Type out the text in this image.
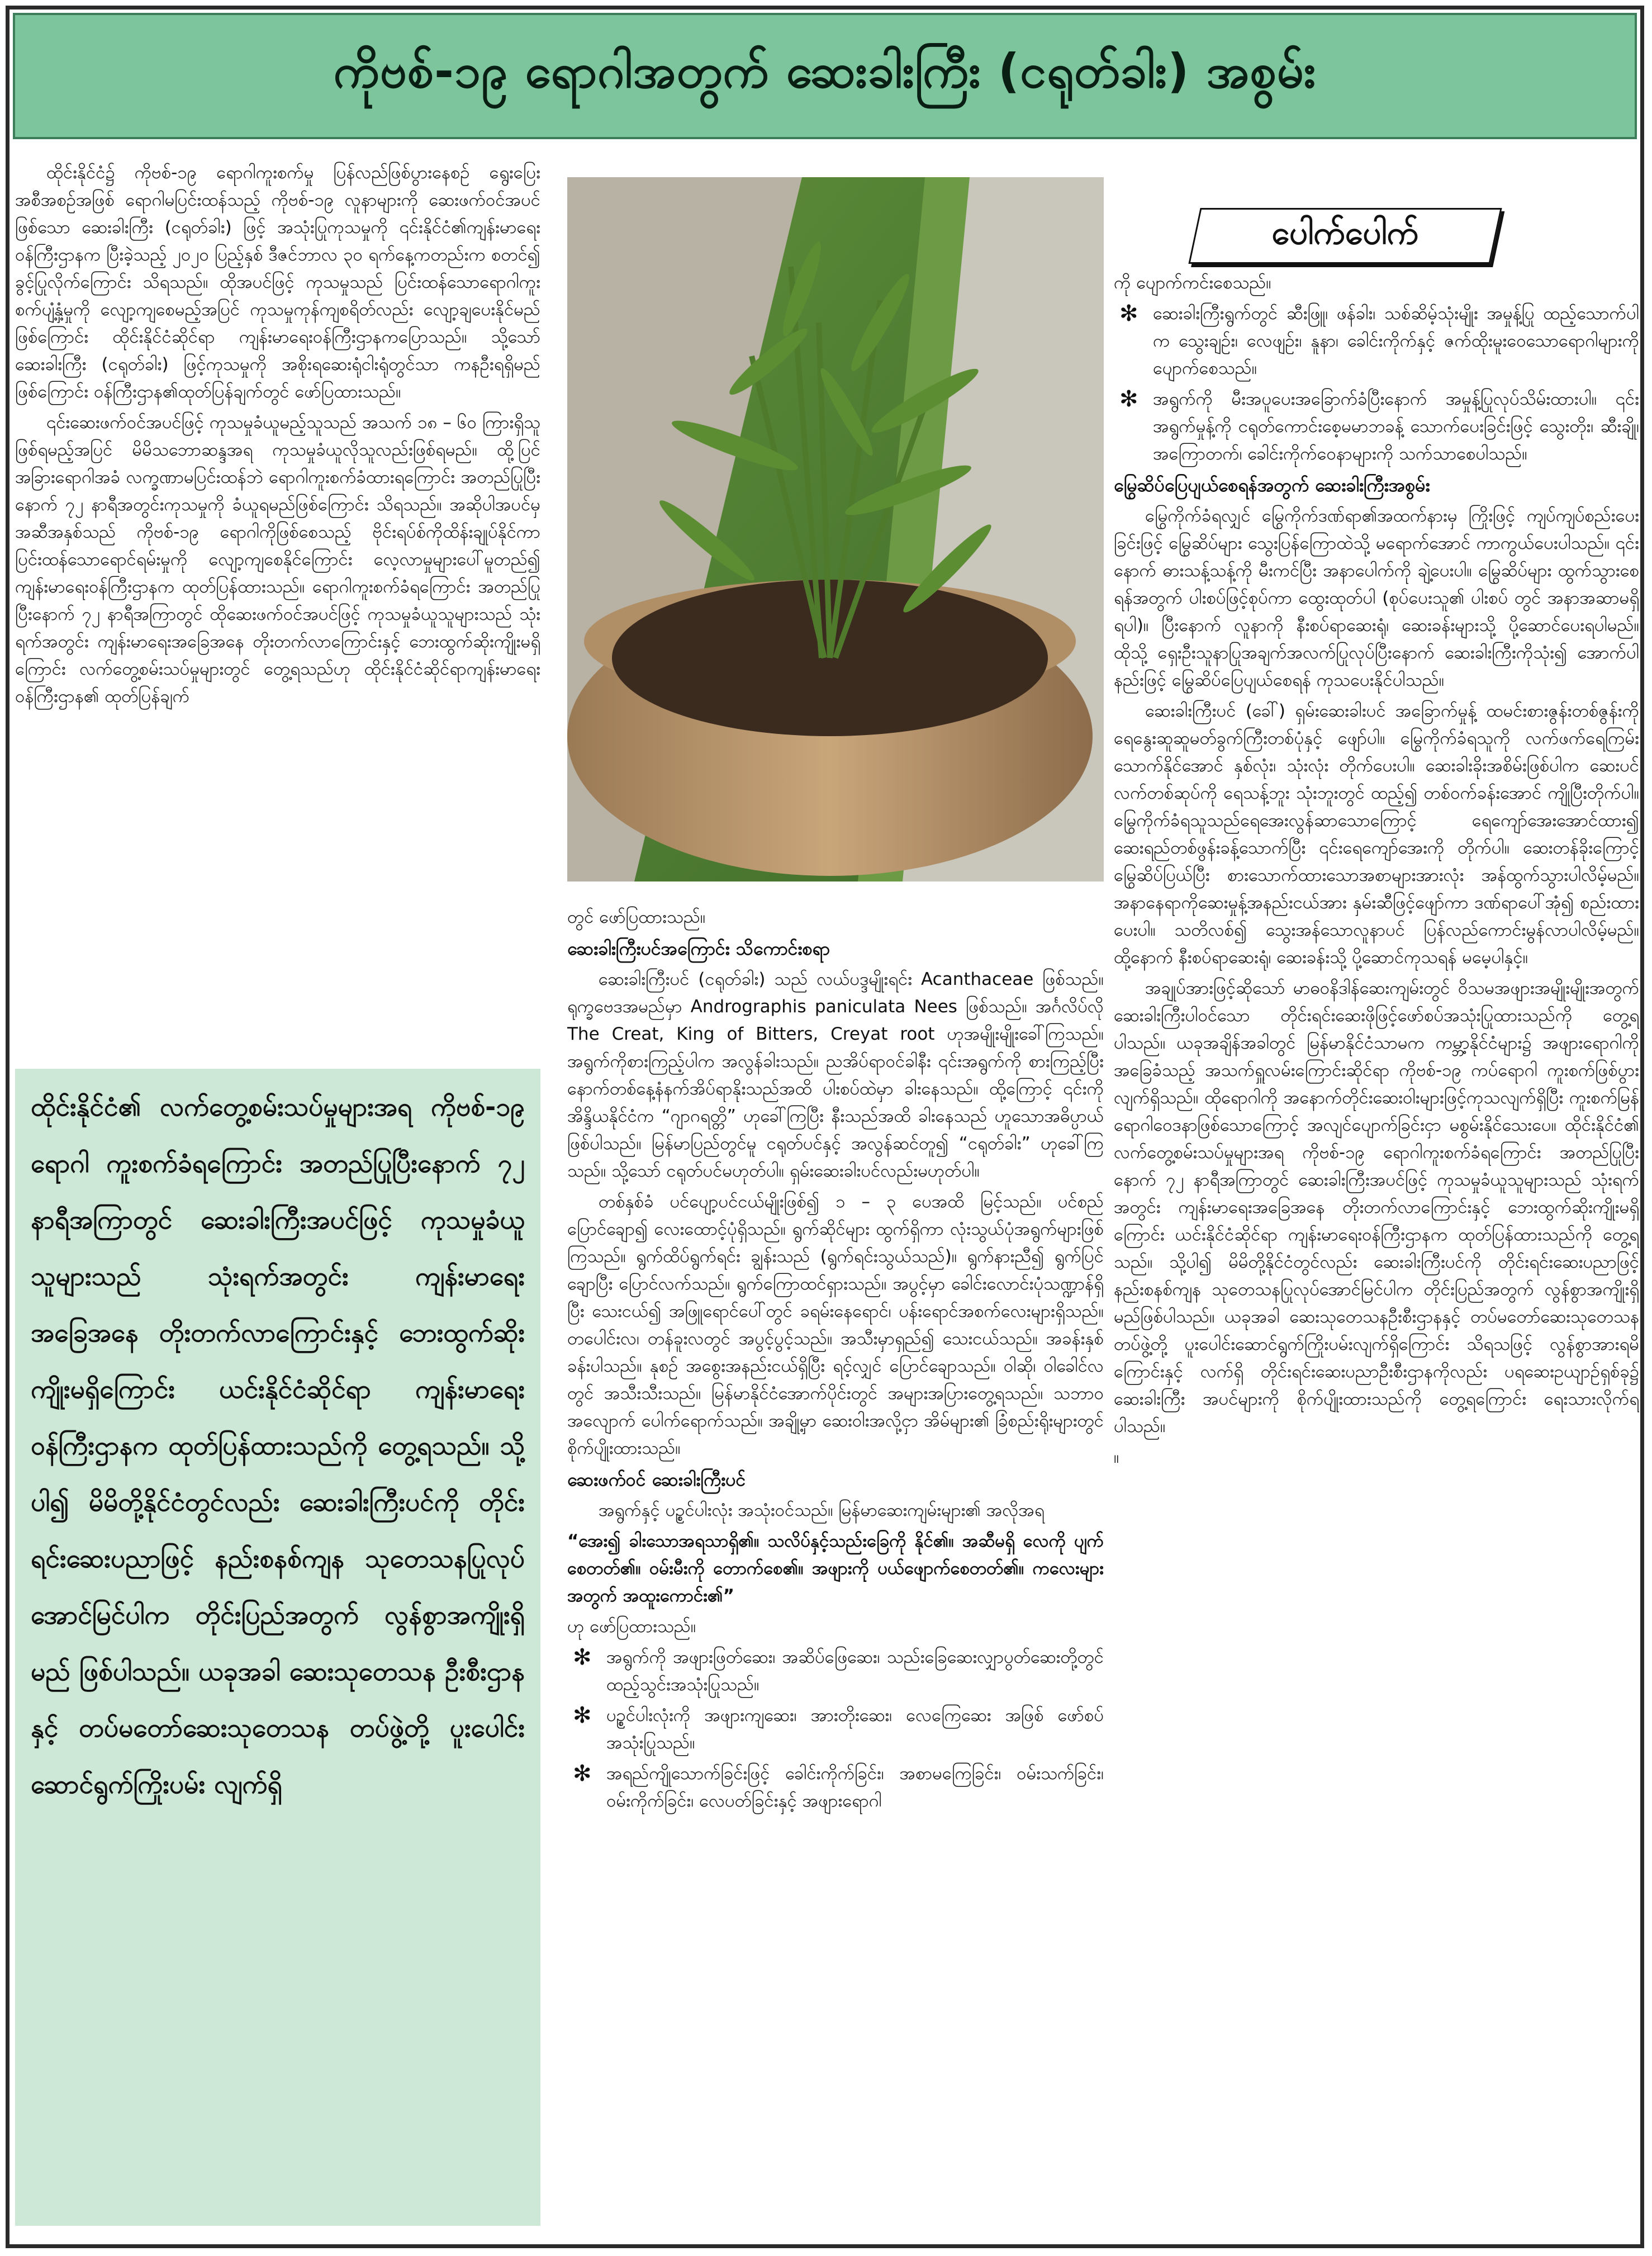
ကိုဗစ်-၁၉ ရောဂါအတွက် ဆေးခါးကြီး (ငရုတ်ခါး) အစွမ်း

ထိုင်းနိုင်ငံ၌ ကိုဗစ်-၁၉ ရောဂါကူးစက်မှု ပြန်လည်ဖြစ်ပွားနေစဉ် ရွေးပြေးအစီအစဉ်အဖြစ် ရောဂါမပြင်းထန်သည့် ကိုဗစ်-၁၉ လူနာများကို ဆေးဖက်ဝင်အပင်ဖြစ်သော ဆေးခါးကြီး (ငရုတ်ခါး) ဖြင့် အသုံးပြုကုသမှုကို ၎င်းနိုင်ငံ၏ကျန်းမာရေးဝန်ကြီးဌာနက ပြီးခဲ့သည့် ၂၀၂၀ ပြည့်နှစ် ဒီဇင်ဘာလ ၃၀ ရက်နေ့ကတည်းက စတင်၍ ခွင့်ပြုလိုက်ကြောင်း သိရသည်။ ထိုအပင်ဖြင့် ကုသမှုသည် ပြင်းထန်သောရောဂါကူးစက်ပျံ့နှံ့မှုကို လျော့ကျစေမည့်အပြင် ကုသမှုကုန်ကျစရိတ်လည်း လျော့ချပေးနိုင်မည်ဖြစ်ကြောင်း ထိုင်းနိုင်ငံဆိုင်ရာ ကျန်းမာရေးဝန်ကြီးဌာနကပြောသည်။ သို့သော် ဆေးခါးကြီး (ငရုတ်ခါး) ဖြင့်ကုသမှုကို အစိုးရဆေးရုံငါးရုံတွင်သာ ကနဦးရရှိမည်ဖြစ်ကြောင်း ဝန်ကြီးဌာန၏ထုတ်ပြန်ချက်တွင် ဖော်ပြထားသည်။

၎င်းဆေးဖက်ဝင်အပင်ဖြင့် ကုသမှုခံယူမည့်သူသည် အသက် ၁၈ – ၆၀ ကြားရှိသူဖြစ်ရမည့်အပြင် မိမိသဘောဆန္ဒအရ ကုသမှုခံယူလိုသူလည်းဖြစ်ရမည်။ ထို့ပြင် အခြားရောဂါအခံ လက္ခဏာမပြင်းထန်ဘဲ ရောဂါကူးစက်ခံထားရကြောင်း အတည်ပြုပြီးနောက် ၇၂ နာရီအတွင်းကုသမှုကို ခံယူရမည်ဖြစ်ကြောင်း သိရသည်။ အဆိုပါအပင်မှ အဆီအနှစ်သည် ကိုဗစ်-၁၉ ရောဂါကိုဖြစ်စေသည့် ဗိုင်းရပ်စ်ကိုထိန်းချုပ်နိုင်ကာ ပြင်းထန်သောရောင်ရမ်းမှုကို လျော့ကျစေနိုင်ကြောင်း လေ့လာမှုများပေါ်မူတည်၍ ကျန်းမာရေးဝန်ကြီးဌာနက ထုတ်ပြန်ထားသည်။ ရောဂါကူးစက်ခံရကြောင်း အတည်ပြုပြီးနောက် ၇၂ နာရီအကြာတွင် ထိုဆေးဖက်ဝင်အပင်ဖြင့် ကုသမှုခံယူသူများသည် သုံးရက်အတွင်း ကျန်းမာရေးအခြေအနေ တိုးတက်လာကြောင်းနှင့် ဘေးထွက်ဆိုးကျိုးမရှိကြောင်း လက်တွေ့စမ်းသပ်မှုများတွင် တွေ့ရသည်ဟု ထိုင်းနိုင်ငံဆိုင်ရာကျန်းမာရေးဝန်ကြီးဌာန၏ ထုတ်ပြန်ချက်

ထိုင်းနိုင်ငံ၏ လက်တွေ့စမ်းသပ်မှုများအရ ကိုဗစ်-၁၉ ရောဂါ ကူးစက်ခံရကြောင်း အတည်ပြုပြီးနောက် ၇၂ နာရီအကြာတွင် ဆေးခါးကြီးအပင်ဖြင့် ကုသမှုခံယူသူများသည် သုံးရက်အတွင်း ကျန်းမာရေး အခြေအနေ တိုးတက်လာကြောင်းနှင့် ဘေးထွက်ဆိုးကျိုးမရှိကြောင်း ယင်းနိုင်ငံဆိုင်ရာ ကျန်းမာရေးဝန်ကြီးဌာနက ထုတ်ပြန်ထားသည်ကို တွေ့ရသည်။ သို့ပါ၍ မိမိတို့နိုင်ငံတွင်လည်း ဆေးခါးကြီးပင်ကို တိုင်းရင်းဆေးပညာဖြင့် နည်းစနစ်ကျန သုတေသနပြုလုပ်အောင်မြင်ပါက တိုင်းပြည်အတွက် လွန်စွာအကျိုးရှိမည် ဖြစ်ပါသည်။ ယခုအခါ ဆေးသုတေသန ဦးစီးဌာနနှင့် တပ်မတော်ဆေးသုတေသန တပ်ဖွဲ့တို့ ပူးပေါင်းဆောင်ရွက်ကြိုးပမ်း လျက်ရှိ

တွင် ဖော်ပြထားသည်။

ဆေးခါးကြီးပင်အကြောင်း သိကောင်းစရာ

ဆေးခါးကြီးပင် (ငရုတ်ခါး) သည် လယ်ပဒ္ဒမျိုးရင်း Acanthaceae ဖြစ်သည်။ ရုက္ခဗေဒအမည်မှာ Andrographis paniculata Nees ဖြစ်သည်။ အင်္ဂလိပ်လို The Creat, King of Bitters, Creyat root ဟုအမျိုးမျိုးခေါ်ကြသည်။ အရွက်ကိုစားကြည့်ပါက အလွန်ခါးသည်။ ညအိပ်ရာဝင်ခါနီး ၎င်းအရွက်ကို စားကြည့်ပြီး နောက်တစ်နေ့နံနက်အိပ်ရာနိုးသည်အထိ ပါးစပ်ထဲမှာ ခါးနေသည်။ ထို့ကြောင့် ၎င်းကို အိန္ဒိယနိုင်ငံက “ဂျာဂရတ္တိ” ဟုခေါ်ကြပြီး နီးသည်အထိ ခါးနေသည် ဟူသောအဓိပ္ပာယ်ဖြစ်ပါသည်။ မြန်မာပြည်တွင်မူ ငရုတ်ပင်နှင့် အလွန်ဆင်တူ၍ “ငရုတ်ခါး” ဟုခေါ်ကြသည်။ သို့သော် ငရုတ်ပင်မဟုတ်ပါ။ ရှမ်းဆေးခါးပင်လည်းမဟုတ်ပါ။

တစ်နှစ်ခံ ပင်ပျော့ပင်ငယ်မျိုးဖြစ်၍ ၁ – ၃ ပေအထိ မြင့်သည်။ ပင်စည်ပြောင်ချော၍ လေးထောင့်ပုံရှိသည်။ ရွက်ဆိုင်များ ထွက်ရှိကာ လုံးသွယ်ပုံအရွက်များဖြစ်ကြသည်။ ရွက်ထိပ်ရွက်ရင်း ချွန်းသည် (ရွက်ရင်းသွယ်သည်)။ ရွက်နားညီ၍ ရွက်ပြင်ချောပြီး ပြောင်လက်သည်။ ရွက်ကြောထင်ရှားသည်။ အပွင့်မှာ ခေါင်းလောင်းပုံသဏ္ဍာန်ရှိပြီး သေးငယ်၍ အဖြူရောင်ပေါ်တွင် ခရမ်းနေရောင်၊ ပန်းရောင်အစက်လေးများရှိသည်။ တပေါင်းလ၊ တန်ခူးလတွင် အပွင့်ပွင့်သည်။ အသီးမှာရှည်၍ သေးငယ်သည်။ အခန်းနှစ်ခန်းပါသည်။ နုစဉ် အစွေးအနည်းငယ်ရှိပြီး ရင့်လျှင် ပြောင်ချောသည်။ ဝါဆို၊ ဝါခေါင်လတွင် အသီးသီးသည်။ မြန်မာနိုင်ငံအောက်ပိုင်းတွင် အများအပြားတွေ့ရသည်။ သဘာဝ အလျောက် ပေါက်ရောက်သည်။ အချို့မှာ ဆေးဝါးအလို့ငှာ အိမ်များ၏ ခြံစည်းရိုးများတွင် စိုက်ပျိုးထားသည်။

ဆေးဖက်ဝင် ဆေးခါးကြီးပင်

အရွက်နှင့် ပဉ္စင်ပါးလုံး အသုံးဝင်သည်။ မြန်မာဆေးကျမ်းများ၏ အလိုအရ

“အေး၍ ခါးသောအရသာရှိ၏။ သလိပ်နှင့်သည်းခြေကို နိုင်၏။ အဆီမရှိ လေကို ပျက်စေတတ်၏။ ဝမ်းမီးကို တောက်စေ၏။ အဖျားကို ပယ်ဖျောက်စေတတ်၏။ ကလေးများအတွက် အထူးကောင်း၏”

ဟု ဖော်ပြထားသည်။

✻ အရွက်ကို အဖျားဖြတ်ဆေး၊ အဆိပ်ဖြေဆေး၊ သည်းခြေဆေးလျှာပွတ်ဆေးတို့တွင် ထည့်သွင်းအသုံးပြုသည်။
✻ ပဉ္စင်ပါးလုံးကို အဖျားကျဆေး၊ အားတိုးဆေး၊ လေကြေဆေး အဖြစ် ဖော်စပ်အသုံးပြုသည်။
✻ အရည်ကျိုသောက်ခြင်းဖြင့် ခေါင်းကိုက်ခြင်း၊ အစာမကြေခြင်း၊ ဝမ်းသက်ခြင်း၊ ဝမ်းကိုက်ခြင်း၊ လေပတ်ခြင်းနှင့် အဖျားရောဂါ
ပေါက်ပေါက်

ကို ပျောက်ကင်းစေသည်။

✻ ဆေးခါးကြီးရွက်တွင် ဆီးဖြူ၊ ဖန်ခါး၊ သစ်ဆိမ့်သုံးမျိုး အမှုန့်ပြု ထည့်သောက်ပါက သွေးချဉ်း၊ လေဖျဉ်း၊ နူနာ၊ ခေါင်းကိုက်နှင့် ဇက်ထိုးမူးဝေသောရောဂါများကို ပျောက်စေသည်။
✻ အရွက်ကို မီးအပူပေးအခြောက်ခံပြီးနောက် အမှုန့်ပြုလုပ်သိမ်းထားပါ။ ၎င်းအရွက်မှုန့်ကို ငရုတ်ကောင်းစေ့မမာဘခန့် သောက်ပေးခြင်းဖြင့် သွေးတိုး၊ ဆီးချို၊ အကြောတက်၊ ခေါင်းကိုက်ဝေနာများကို သက်သာစေပါသည်။
မြွေဆိပ်ပြေပျယ်စေရန်အတွက် ဆေးခါးကြီးအစွမ်း

မြွေကိုက်ခံရလျှင် မြွေကိုက်ဒဏ်ရာ၏အထက်နားမှ ကြိုးဖြင့် ကျပ်ကျပ်စည်းပေးခြင်းဖြင့် မြွေဆိပ်များ သွေးပြန်ကြောထဲသို့ မရောက်အောင် ကာကွယ်ပေးပါသည်။ ၎င်းနောက် ဓားသန့်သန့်ကို မီးကင်ပြီး အနာပေါက်ကို ချဲ့ပေးပါ။ မြွေဆိပ်များ ထွက်သွားစေရန်အတွက် ပါးစပ်ဖြင့်စုပ်ကာ ထွေးထုတ်ပါ (စုပ်ပေးသူ၏ ပါးစပ် တွင် အနာအဆာမရှိရပါ)။ ပြီးနောက် လူနာကို နီးစပ်ရာဆေးရုံ၊ ဆေးခန်းများသို့ ပို့ဆောင်ပေးရပါမည်။ ထိုသို့ ရှေးဦးသူနာပြုအချက်အလက်ပြုလုပ်ပြီးနောက် ဆေးခါးကြီးကိုသုံး၍ အောက်ပါနည်းဖြင့် မြွေဆိပ်ပြေပျယ်စေရန် ကုသပေးနိုင်ပါသည်။

ဆေးခါးကြီးပင် (ခေါ်) ရှမ်းဆေးခါးပင် အခြောက်မှုန့် ထမင်းစားဇွန်းတစ်ဇွန်းကို ရေနွေးဆူဆူမတ်ခွက်ကြီးတစ်ပုံနှင့် ဖျော်ပါ။ မြွေကိုက်ခံရသူကို လက်ဖက်ရေကြမ်းသောက်နိုင်အောင် နှစ်လုံး၊ သုံးလုံး တိုက်ပေးပါ။ ဆေးခါးခိုးအစိမ်းဖြစ်ပါက ဆေးပင်လက်တစ်ဆုပ်ကို ရေသန့်ဘူး သုံးဘူးတွင် ထည့်၍ တစ်ဝက်ခန်းအောင် ကျိုပြီးတိုက်ပါ။ မြွေကိုက်ခံရသူသည်ရေအေးလွန်ဆာသောကြောင့် ရေကျော်အေးအောင်ထား၍ ဆေးရည်တစ်ဖွန်းခန့်သောက်ပြီး ၎င်းရေကျော်အေးကို တိုက်ပါ။ ဆေးတန်ခိုးကြောင့် မြွေဆိပ်ပြယ်ပြီး စားသောက်ထားသောအစာများအားလုံး အန်ထွက်သွားပါလိမ့်မည်။ အနာနေရာကိုဆေးမှုန့်အနည်းငယ်အား နှမ်းဆီဖြင့်ဖျော်ကာ ဒဏ်ရာပေါ်အုံ၍ စည်းထားပေးပါ။ သတိလစ်၍ သွေးအန်သောလူနာပင် ပြန်လည်ကောင်းမွန်လာပါလိမ့်မည်။ ထို့နောက် နီးစပ်ရာဆေးရုံ၊ ဆေးခန်းသို့ ပို့ဆောင်ကုသရန် မမေ့ပါနှင့်။

အချုပ်အားဖြင့်ဆိုသော် မာဓဝနိဒါန်ဆေးကျမ်းတွင် ဝိသမအဖျားအမျိုးမျိုးအတွက် ဆေးခါးကြီးပါဝင်သော တိုင်းရင်းဆေးဖိုဖြင့်ဖော်စပ်အသုံးပြုထားသည်ကို တွေ့ရပါသည်။ ယခုအချိန်အခါတွင် မြန်မာနိုင်ငံသာမက ကမ္ဘာ့နိုင်ငံများ၌ အဖျားရောဂါကို အခြေခံသည့် အသက်ရှူလမ်းကြောင်းဆိုင်ရာ ကိုဗစ်-၁၉ ကပ်ရောဂါ ကူးစက်ဖြစ်ပွားလျက်ရှိသည်။ ထိုရောဂါကို အနောက်တိုင်းဆေးဝါးများဖြင့်ကုသလျက်ရှိပြီး ကူးစက်မြန်ရောဂါဝေဒနာဖြစ်သောကြောင့် အလျင်ပျောက်ခြင်းငှာ မစွမ်းနိုင်သေးပေ။ ထိုင်းနိုင်ငံ၏ လက်တွေ့စမ်းသပ်မှုများအရ ကိုဗစ်-၁၉ ရောဂါကူးစက်ခံရကြောင်း အတည်ပြုပြီးနောက် ၇၂ နာရီအကြာတွင် ဆေးခါးကြီးအပင်ဖြင့် ကုသမှုခံယူသူများသည် သုံးရက်အတွင်း ကျန်းမာရေးအခြေအနေ တိုးတက်လာကြောင်းနှင့် ဘေးထွက်ဆိုးကျိုးမရှိကြောင်း ယင်းနိုင်ငံဆိုင်ရာ ကျန်းမာရေးဝန်ကြီးဌာနက ထုတ်ပြန်ထားသည်ကို တွေ့ရသည်။ သို့ပါ၍ မိမိတို့နိုင်ငံတွင်လည်း ဆေးခါးကြီးပင်ကို တိုင်းရင်းဆေးပညာဖြင့် နည်းစနစ်ကျန သုတေသနပြုလုပ်အောင်မြင်ပါက တိုင်းပြည်အတွက် လွန်စွာအကျိုးရှိမည်ဖြစ်ပါသည်။ ယခုအခါ ဆေးသုတေသနဦးစီးဌာနနှင့် တပ်မတော်ဆေးသုတေသနတပ်ဖွဲ့တို့ ပူးပေါင်းဆောင်ရွက်ကြိုးပမ်းလျက်ရှိကြောင်း သိရသဖြင့် လွန်စွာအားရမိကြောင်းနှင့် လက်ရှိ တိုင်းရင်းဆေးပညာဦးစီးဌာနကိုလည်း ပရဆေးဥယျာဉ်ရှစ်ခု၌ ဆေးခါးကြီး အပင်များကို စိုက်ပျိုးထားသည်ကို တွေ့ရကြောင်း ရေးသားလိုက်ရပါသည်။

။
